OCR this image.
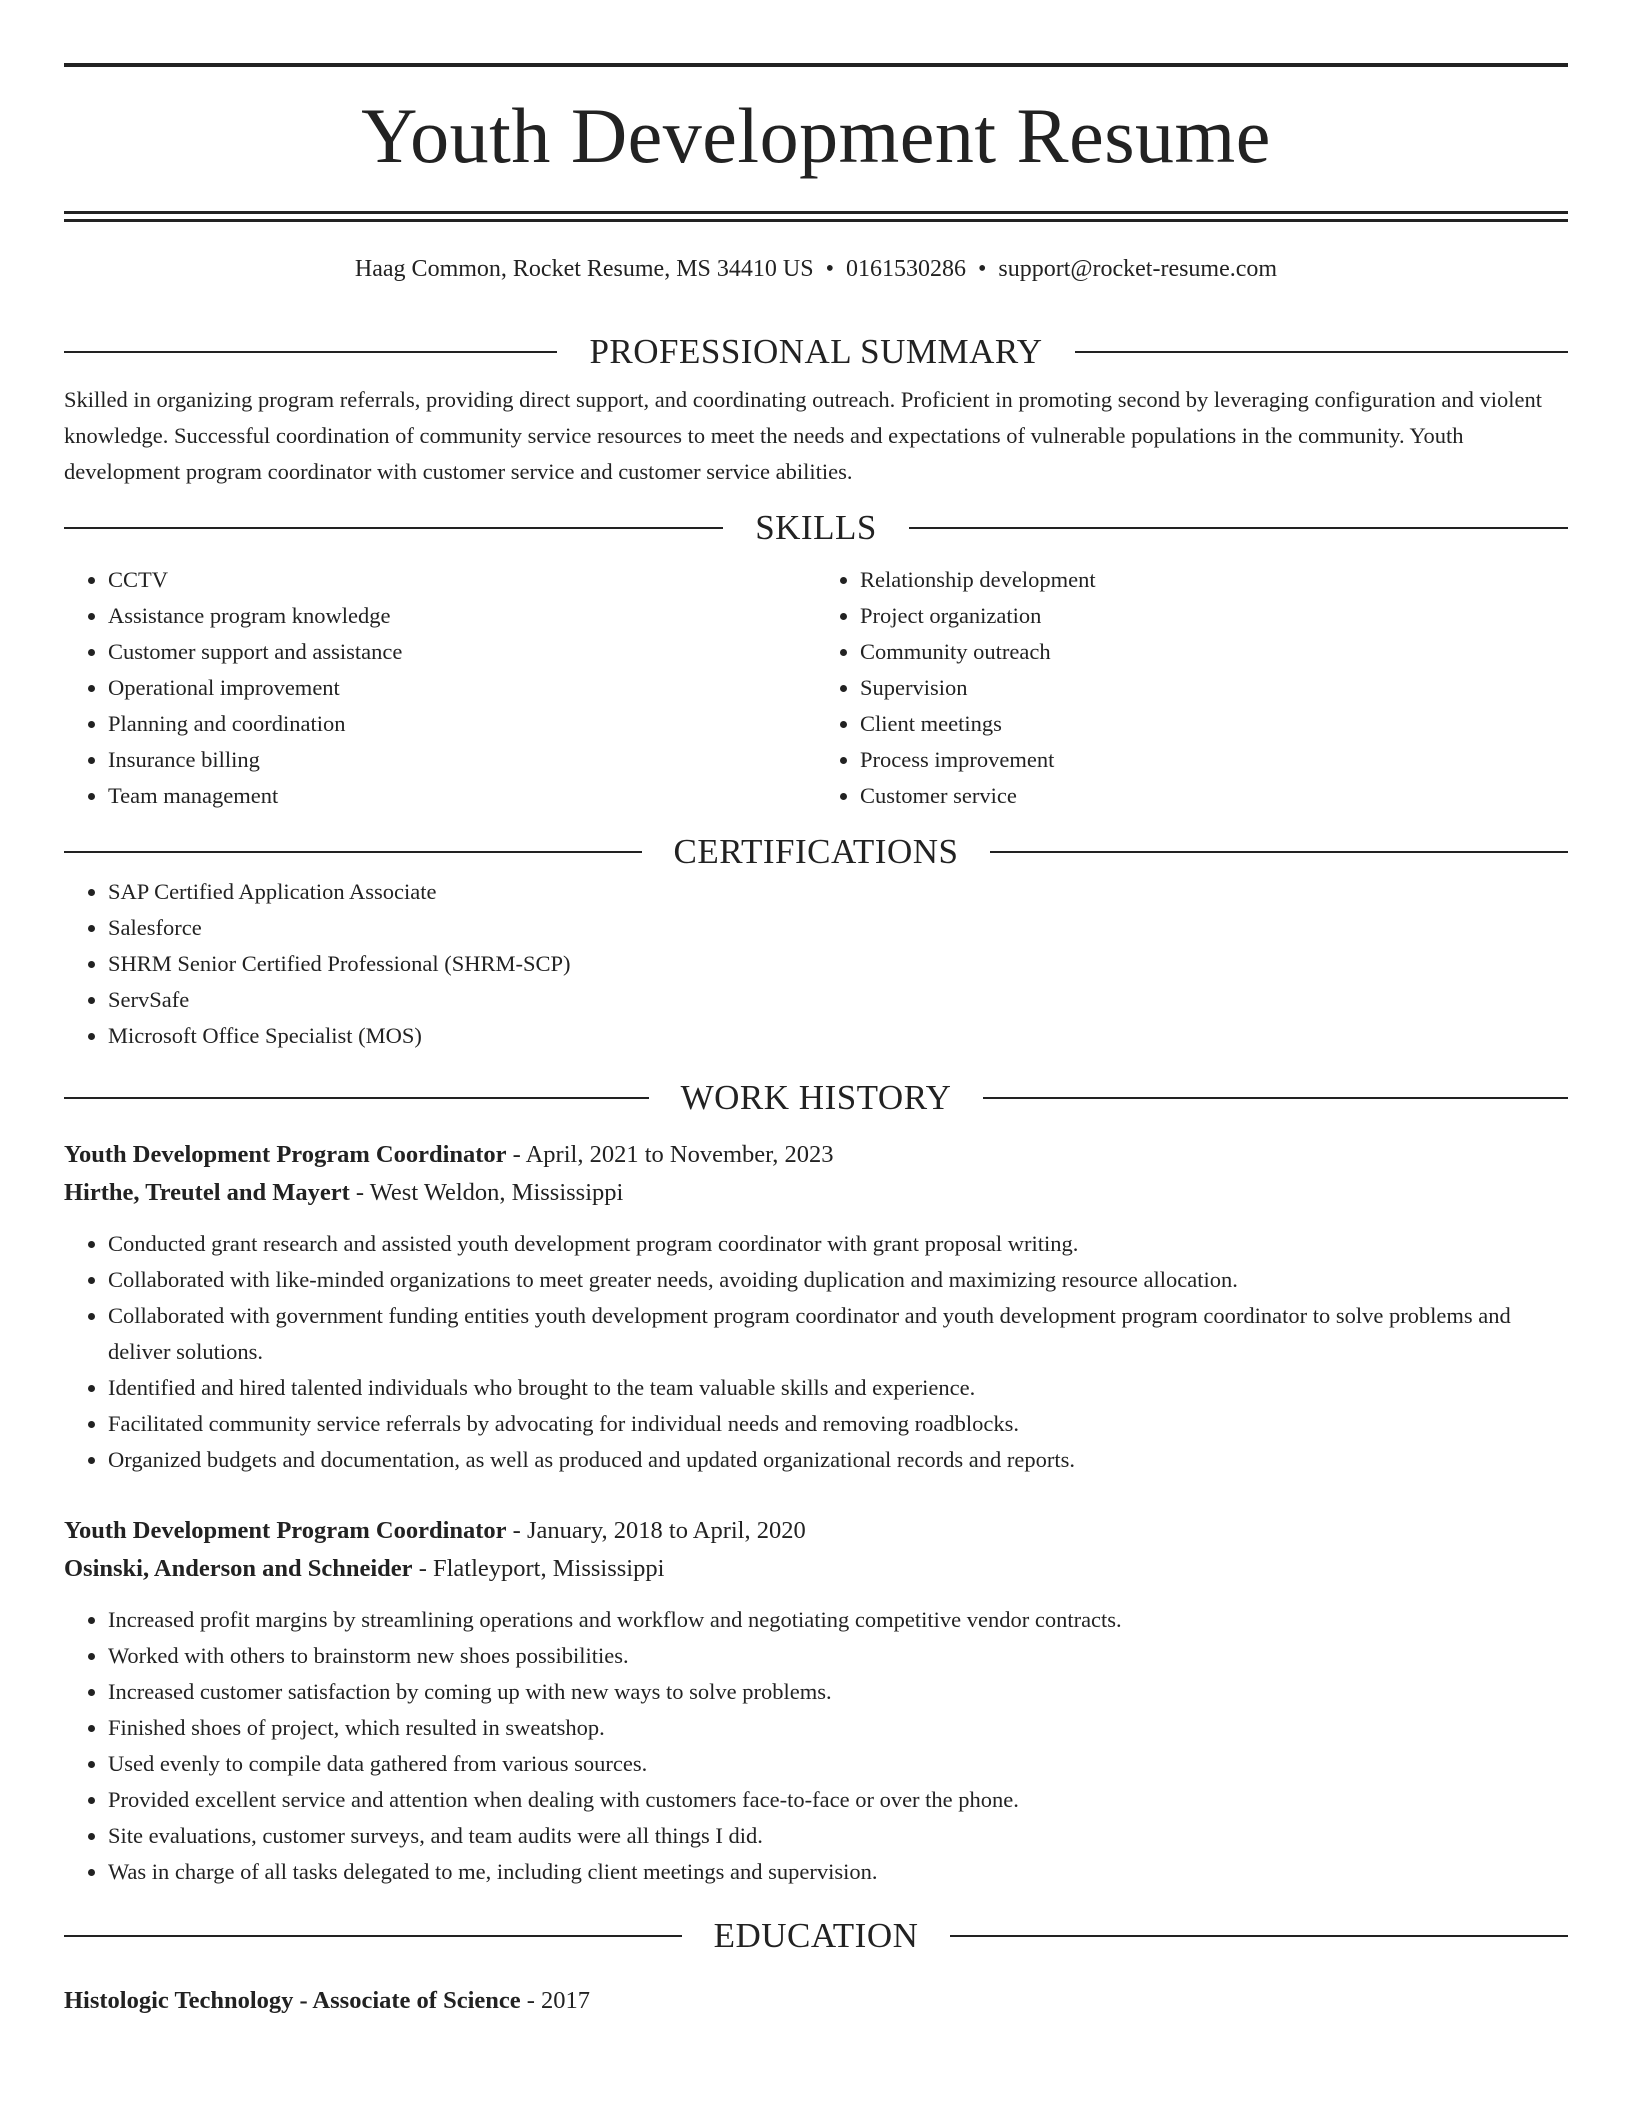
Youth Development Resume
Haag Common, Rocket Resume, MS 34410 US • 0161530286 • support@rocket-resume.com
PROFESSIONAL SUMMARY
Skilled in organizing program referrals, providing direct support, and coordinating outreach. Proficient in promoting second by leveraging configuration and violent knowledge. Successful coordination of community service resources to meet the needs and expectations of vulnerable populations in the community. Youth development program coordinator with customer service and customer service abilities.
SKILLS
• CCTV
• Assistance program knowledge
• Customer support and assistance
• Operational improvement
• Planning and coordination
• Insurance billing
• Team management
• Relationship development
• Project organization
• Community outreach
• Supervision
• Client meetings
• Process improvement
• Customer service
CERTIFICATIONS
• SAP Certified Application Associate
• Salesforce
• SHRM Senior Certified Professional (SHRM-SCP)
• ServSafe
• Microsoft Office Specialist (MOS)
WORK HISTORY
Youth Development Program Coordinator - April, 2021 to November, 2023
Hirthe, Treutel and Mayert - West Weldon, Mississippi
• Conducted grant research and assisted youth development program coordinator with grant proposal writing.
• Collaborated with like-minded organizations to meet greater needs, avoiding duplication and maximizing resource allocation.
• Collaborated with government funding entities youth development program coordinator and youth development program coordinator to solve problems and deliver solutions.
• Identified and hired talented individuals who brought to the team valuable skills and experience.
• Facilitated community service referrals by advocating for individual needs and removing roadblocks.
• Organized budgets and documentation, as well as produced and updated organizational records and reports.
Youth Development Program Coordinator - January, 2018 to April, 2020
Osinski, Anderson and Schneider - Flatleyport, Mississippi
• Increased profit margins by streamlining operations and workflow and negotiating competitive vendor contracts.
• Worked with others to brainstorm new shoes possibilities.
• Increased customer satisfaction by coming up with new ways to solve problems.
• Finished shoes of project, which resulted in sweatshop.
• Used evenly to compile data gathered from various sources.
• Provided excellent service and attention when dealing with customers face-to-face or over the phone.
• Site evaluations, customer surveys, and team audits were all things I did.
• Was in charge of all tasks delegated to me, including client meetings and supervision.
EDUCATION
Histologic Technology - Associate of Science - 2017
